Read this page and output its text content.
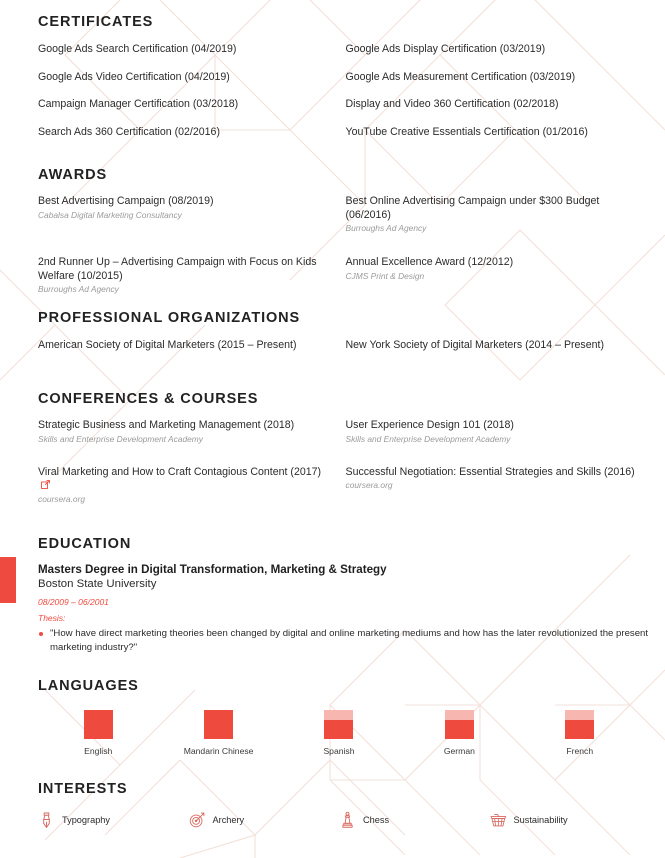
CERTIFICATES
Google Ads Search Certification (04/2019)	Google Ads Display Certification (03/2019)
Google Ads Video Certification (04/2019)	Google Ads Measurement Certification (03/2019)
Campaign Manager Certification (03/2018)	Display and Video 360 Certification (02/2018)
Search Ads 360 Certification (02/2016)	YouTube Creative Essentials Certification (01/2016)
AWARDS
Best Advertising Campaign (08/2019)
Cabalsa Digital Marketing Consultancy
Best Online Advertising Campaign under $300 Budget (06/2016)
Burroughs Ad Agency
2nd Runner Up – Advertising Campaign with Focus on Kids Welfare (10/2015)
Burroughs Ad Agency
Annual Excellence Award (12/2012)
CJMS Print & Design
PROFESSIONAL ORGANIZATIONS
American Society of Digital Marketers (2015 – Present)	New York Society of Digital Marketers (2014 – Present)
CONFERENCES & COURSES
Strategic Business and Marketing Management (2018)
Skills and Enterprise Development Academy
User Experience Design 101 (2018)
Skills and Enterprise Development Academy
Viral Marketing and How to Craft Contagious Content (2017)
coursera.org
Successful Negotiation: Essential Strategies and Skills (2016)
coursera.org
EDUCATION
Masters Degree in Digital Transformation, Marketing & Strategy
Boston State University
08/2009 – 06/2001
Thesis:
"How have direct marketing theories been changed by digital and online marketing mediums and how has the later revolutionized the present marketing industry?"
LANGUAGES
English	Mandarin Chinese	Spanish	German	French
INTERESTS
Typography	Archery	Chess	Sustainability
